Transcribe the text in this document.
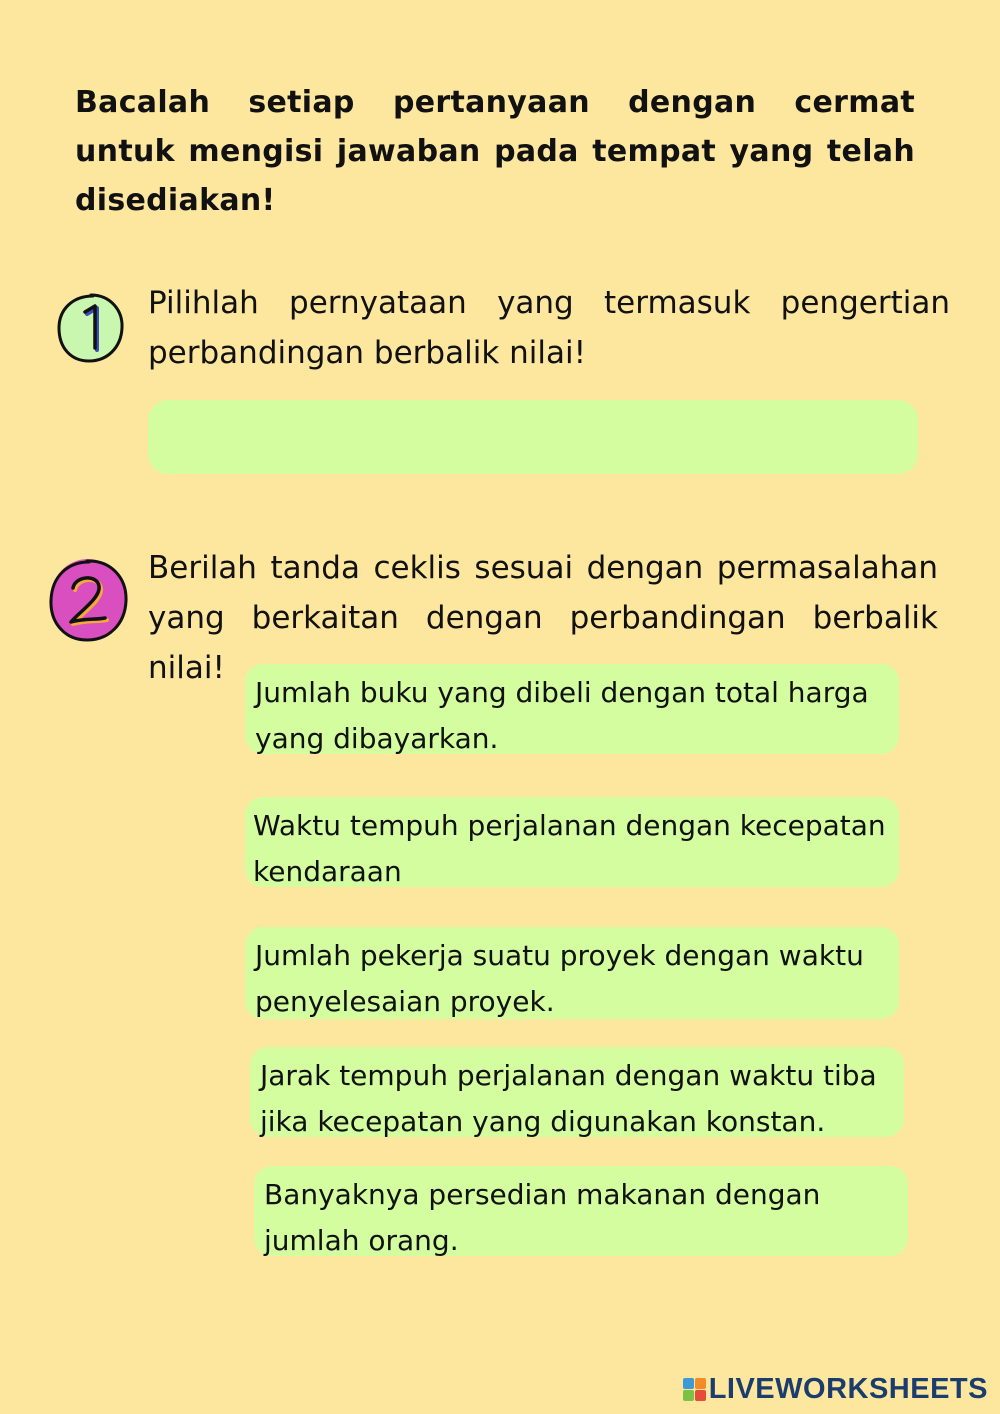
Bacalah setiap pertanyaan dengan cermat untuk mengisi jawaban pada tempat yang telah disediakan!
Pilihlah pernyataan yang termasuk pengertian perbandingan berbalik nilai!
Berilah tanda ceklis sesuai dengan permasalahan yang berkaitan dengan perbandingan berbalik nilai!
Jumlah buku yang dibeli dengan total harga
yang dibayarkan.
Waktu tempuh perjalanan dengan kecepatan
kendaraan
Jumlah pekerja suatu proyek dengan waktu
penyelesaian proyek.
Jarak tempuh perjalanan dengan waktu tiba
jika kecepatan yang digunakan konstan.
Banyaknya persedian makanan dengan
jumlah orang.
LIVEWORKSHEETS
